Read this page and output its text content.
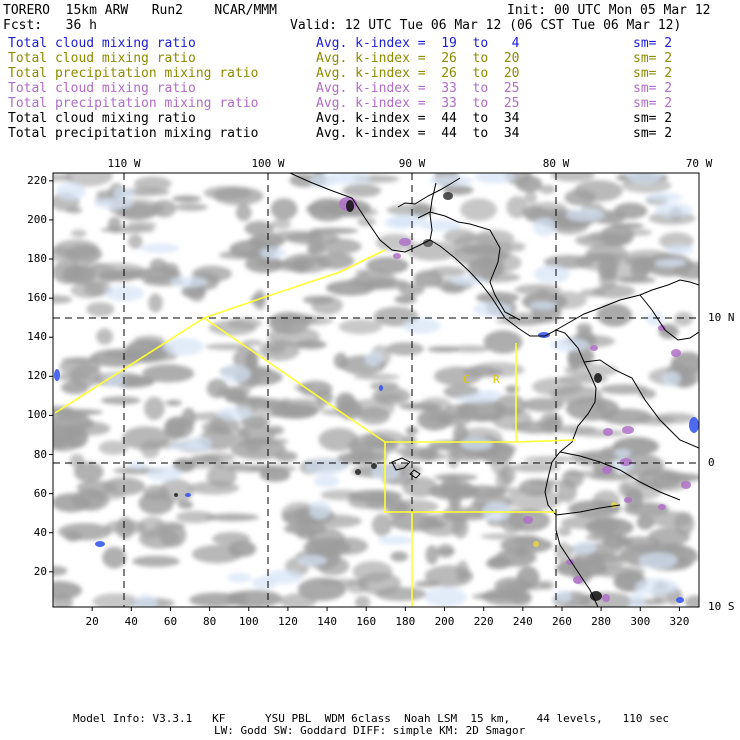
TORERO  15km ARW   Run2    NCAR/MMM	Init: 00 UTC Mon 05 Mar 12
Fcst:   36 h	Valid: 12 UTC Tue 06 Mar 12 (06 CST Tue 06 Mar 12)
Total cloud mixing ratio	Avg. k-index =  19  to   4	sm= 2
Total cloud mixing ratio	Avg. k-index =  26  to  20	sm= 2
Total precipitation mixing ratio	Avg. k-index =  26  to  20	sm= 2
Total cloud mixing ratio	Avg. k-index =  33  to  25	sm= 2
Total precipitation mixing ratio	Avg. k-index =  33  to  25	sm= 2
Total cloud mixing ratio	Avg. k-index =  44  to  34	sm= 2
Total precipitation mixing ratio	Avg. k-index =  44  to  34	sm= 2
220
200
180
160
140
120
100
80
60
40
20
20	40	60	80	100	120	140	160	180	200	220	240	260	280	300	320
110 W	100 W	90 W	80 W	70 W
10 N
0
10 S
C R
Model Info: V3.3.1   KF      YSU PBL  WDM 6class  Noah LSM  15 km,    44 levels,   110 sec
LW: Godd SW: Goddard DIFF: simple KM: 2D Smagor
